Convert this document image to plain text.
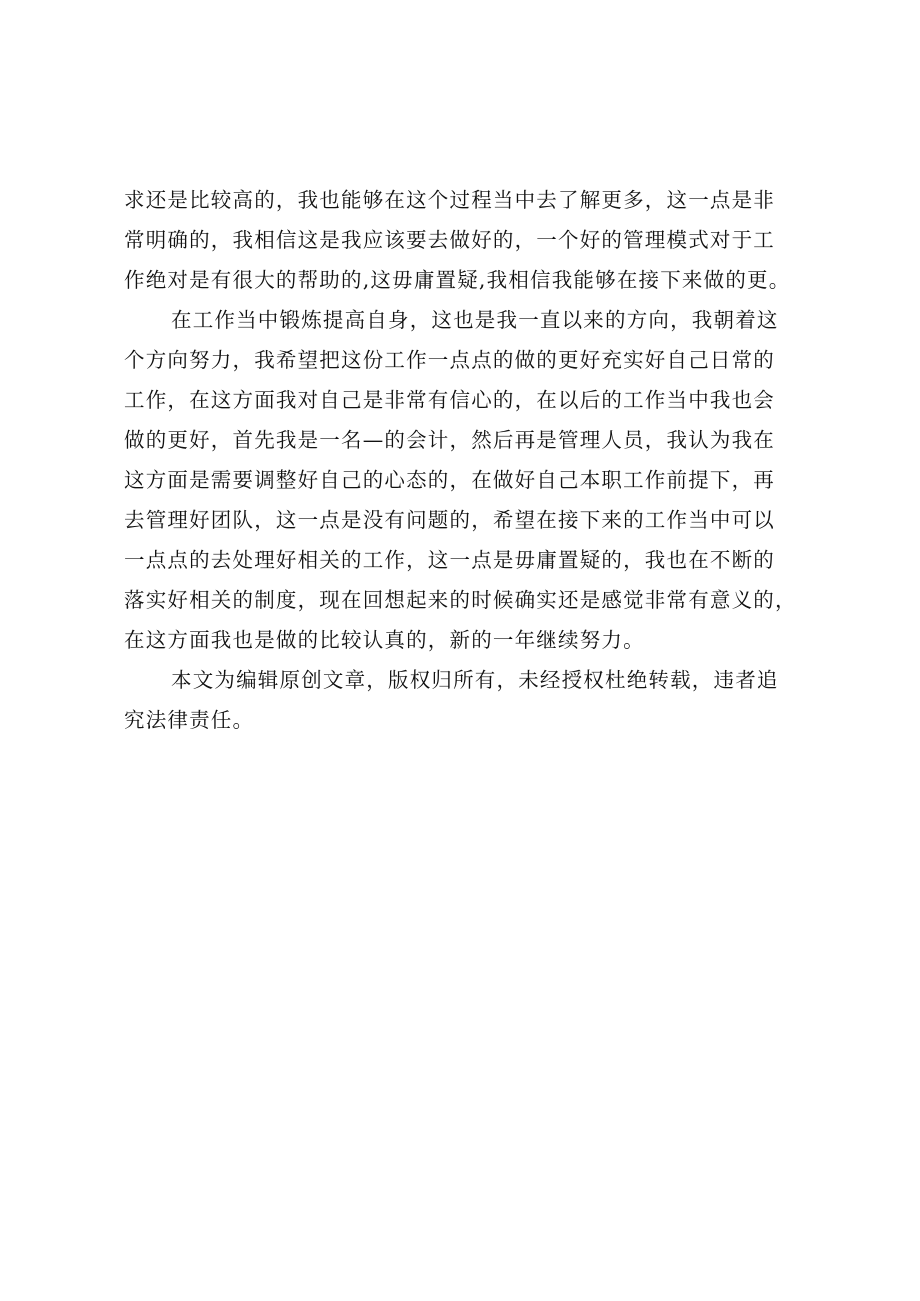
求还是比较高的，我也能够在这个过程当中去了解更多，这一点是非
常明确的，我相信这是我应该要去做好的，一个好的管理模式对于工
作绝对是有很大的帮助的,这毋庸置疑,我相信我能够在接下来做的更。
在工作当中锻炼提高自身，这也是我一直以来的方向，我朝着这
个方向努力，我希望把这份工作一点点的做的更好充实好自己日常的
工作，在这方面我对自己是非常有信心的，在以后的工作当中我也会
做的更好，首先我是一名—的会计，然后再是管理人员，我认为我在
这方面是需要调整好自己的心态的，在做好自己本职工作前提下，再
去管理好团队，这一点是没有问题的，希望在接下来的工作当中可以
一点点的去处理好相关的工作，这一点是毋庸置疑的，我也在不断的
落实好相关的制度，现在回想起来的时候确实还是感觉非常有意义的，
在这方面我也是做的比较认真的，新的一年继续努力。
本文为编辑原创文章，版权归所有，未经授权杜绝转载，违者追
究法律责任。
